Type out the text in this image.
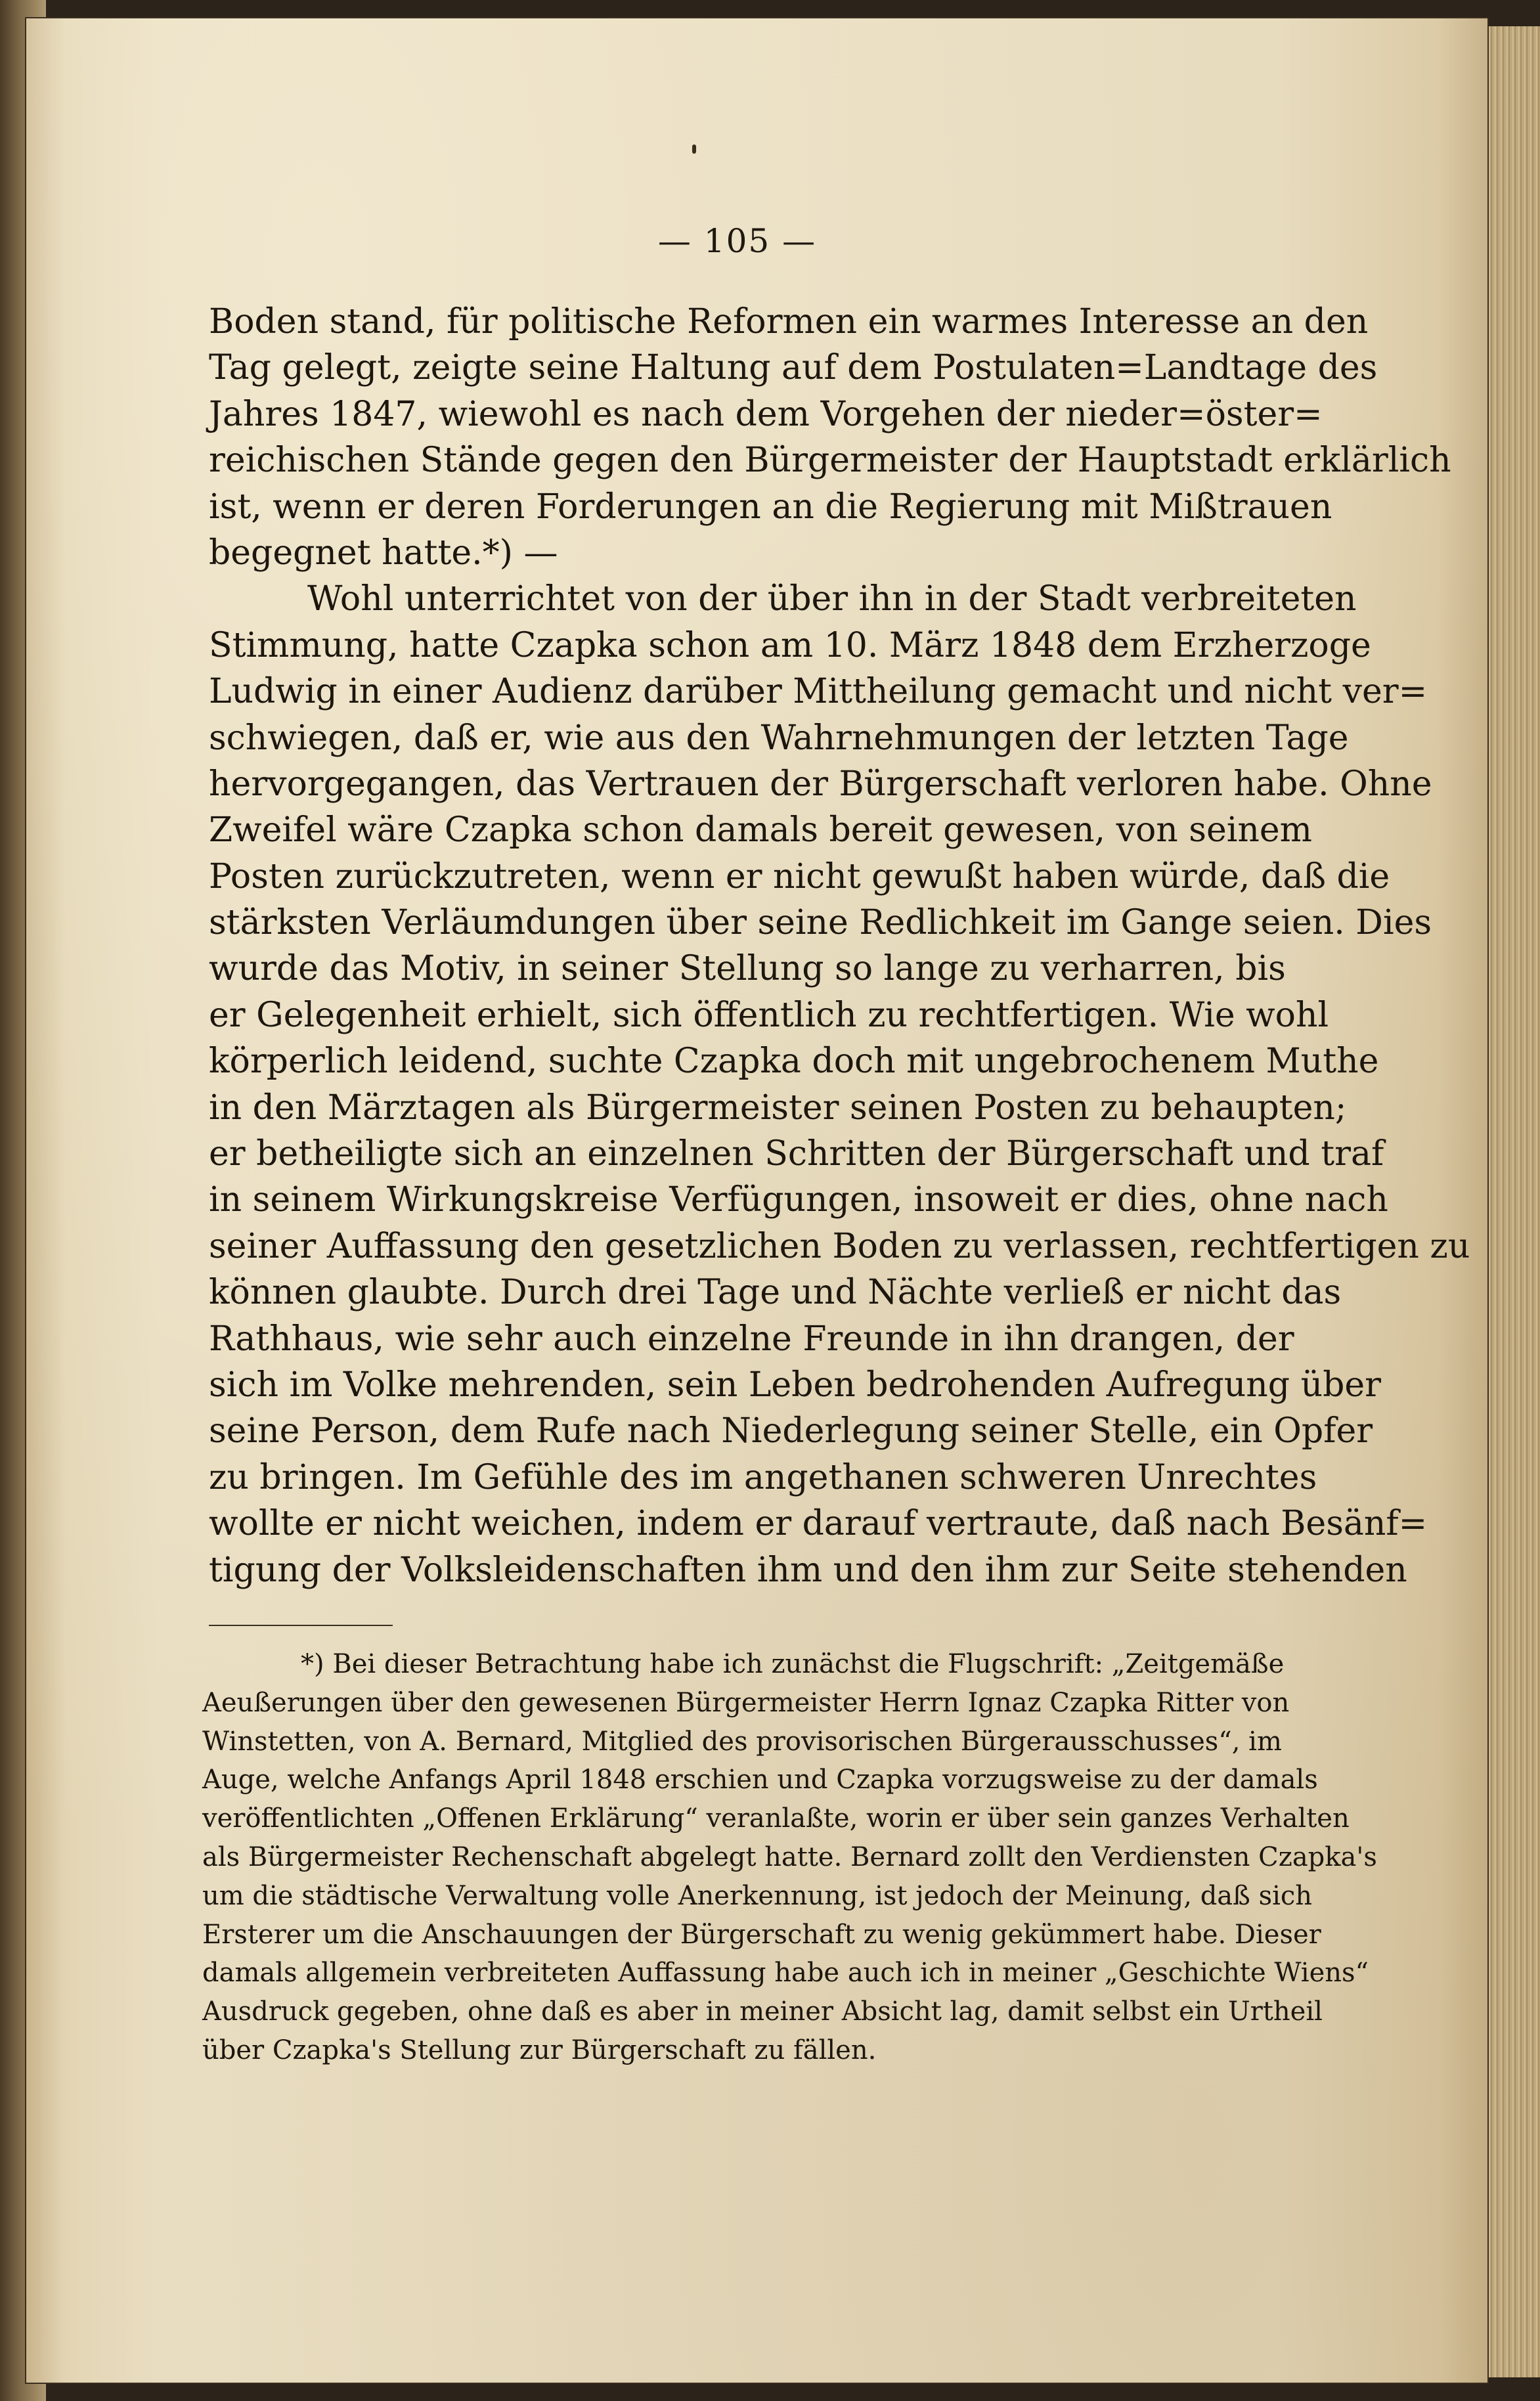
— 105 —
Boden stand, für politische Reformen ein warmes Interesse an den
Tag gelegt, zeigte seine Haltung auf dem Postulaten=Landtage des
Jahres 1847, wiewohl es nach dem Vorgehen der nieder=öster=
reichischen Stände gegen den Bürgermeister der Hauptstadt erklärlich
ist, wenn er deren Forderungen an die Regierung mit Mißtrauen
begegnet hatte.*) —
Wohl unterrichtet von der über ihn in der Stadt verbreiteten
Stimmung, hatte Czapka schon am 10. März 1848 dem Erzherzoge
Ludwig in einer Audienz darüber Mittheilung gemacht und nicht ver=
schwiegen, daß er, wie aus den Wahrnehmungen der letzten Tage
hervorgegangen, das Vertrauen der Bürgerschaft verloren habe. Ohne
Zweifel wäre Czapka schon damals bereit gewesen, von seinem
Posten zurückzutreten, wenn er nicht gewußt haben würde, daß die
stärksten Verläumdungen über seine Redlichkeit im Gange seien. Dies
wurde das Motiv, in seiner Stellung so lange zu verharren, bis
er Gelegenheit erhielt, sich öffentlich zu rechtfertigen. Wie wohl
körperlich leidend, suchte Czapka doch mit ungebrochenem Muthe
in den Märztagen als Bürgermeister seinen Posten zu behaupten;
er betheiligte sich an einzelnen Schritten der Bürgerschaft und traf
in seinem Wirkungskreise Verfügungen, insoweit er dies, ohne nach
seiner Auffassung den gesetzlichen Boden zu verlassen, rechtfertigen zu
können glaubte. Durch drei Tage und Nächte verließ er nicht das
Rathhaus, wie sehr auch einzelne Freunde in ihn drangen, der
sich im Volke mehrenden, sein Leben bedrohenden Aufregung über
seine Person, dem Rufe nach Niederlegung seiner Stelle, ein Opfer
zu bringen. Im Gefühle des im angethanen schweren Unrechtes
wollte er nicht weichen, indem er darauf vertraute, daß nach Besänf=
tigung der Volksleidenschaften ihm und den ihm zur Seite stehenden
*) Bei dieser Betrachtung habe ich zunächst die Flugschrift: „Zeitgemäße
Aeußerungen über den gewesenen Bürgermeister Herrn Ignaz Czapka Ritter von
Winstetten, von A. Bernard, Mitglied des provisorischen Bürgerausschusses“, im
Auge, welche Anfangs April 1848 erschien und Czapka vorzugsweise zu der damals
veröffentlichten „Offenen Erklärung“ veranlaßte, worin er über sein ganzes Verhalten
als Bürgermeister Rechenschaft abgelegt hatte. Bernard zollt den Verdiensten Czapka's
um die städtische Verwaltung volle Anerkennung, ist jedoch der Meinung, daß sich
Ersterer um die Anschauungen der Bürgerschaft zu wenig gekümmert habe. Dieser
damals allgemein verbreiteten Auffassung habe auch ich in meiner „Geschichte Wiens“
Ausdruck gegeben, ohne daß es aber in meiner Absicht lag, damit selbst ein Urtheil
über Czapka's Stellung zur Bürgerschaft zu fällen.
